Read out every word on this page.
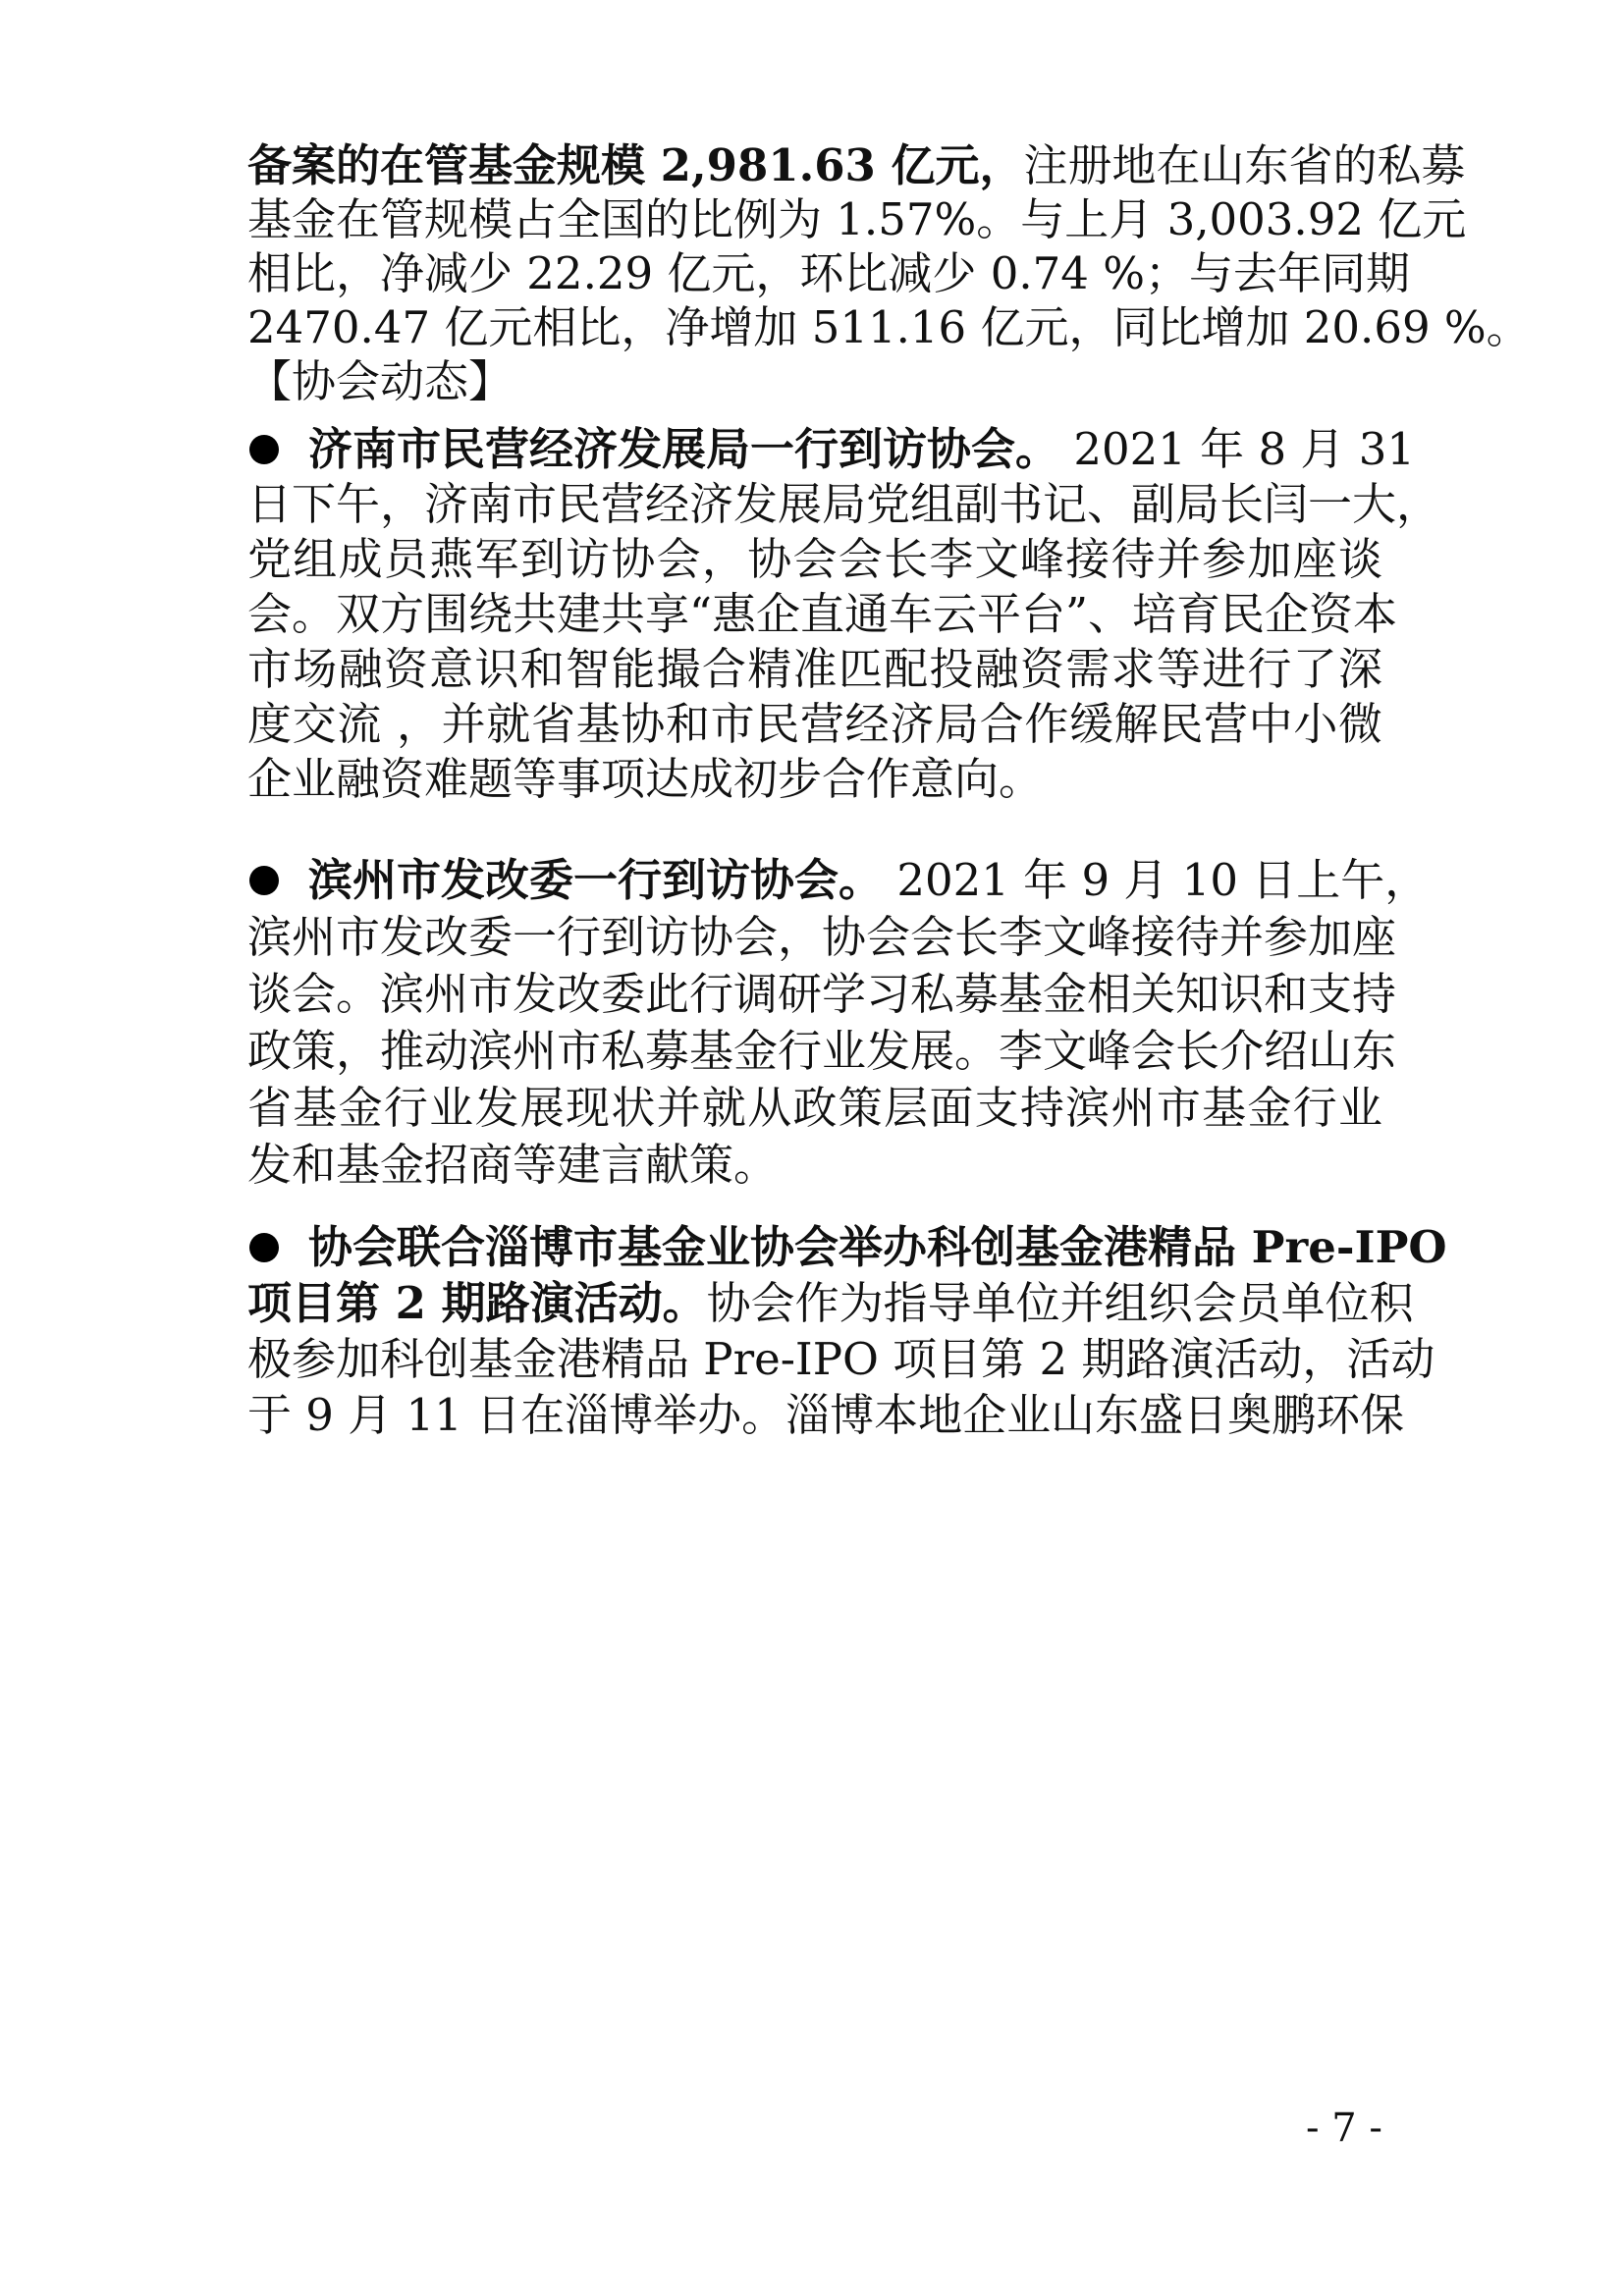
备案的在管基金规模 2,981.63 亿元，注册地在山东省的私募
基金在管规模占全国的比例为 1.57%。与上月 3,003.92 亿元
相比，净减少 22.29 亿元，环比减少 0.74 %；与去年同期
2470.47 亿元相比，净增加 511.16 亿元，同比增加 20.69 %。
【协会动态】
济南市民营经济发展局一行到访协会。 2021 年 8 月 31
日下午，济南市民营经济发展局党组副书记、副局长闫一大，
党组成员燕军到访协会，协会会长李文峰接待并参加座谈
会。双方围绕共建共享“惠企直通车云平台”、培育民企资本
市场融资意识和智能撮合精准匹配投融资需求等进行了深
度交流 ，并就省基协和市民营经济局合作缓解民营中小微
企业融资难题等事项达成初步合作意向。
滨州市发改委一行到访协会。 2021 年 9 月 10 日上午，
滨州市发改委一行到访协会，协会会长李文峰接待并参加座
谈会。滨州市发改委此行调研学习私募基金相关知识和支持
政策，推动滨州市私募基金行业发展。李文峰会长介绍山东
省基金行业发展现状并就从政策层面支持滨州市基金行业
发和基金招商等建言献策。
协会联合淄博市基金业协会举办科创基金港精品 Pre-IPO
项目第 2 期路演活动。协会作为指导单位并组织会员单位积
极参加科创基金港精品 Pre-IPO 项目第 2 期路演活动，活动
于 9 月 11 日在淄博举办。淄博本地企业山东盛日奥鹏环保
- 7 -
